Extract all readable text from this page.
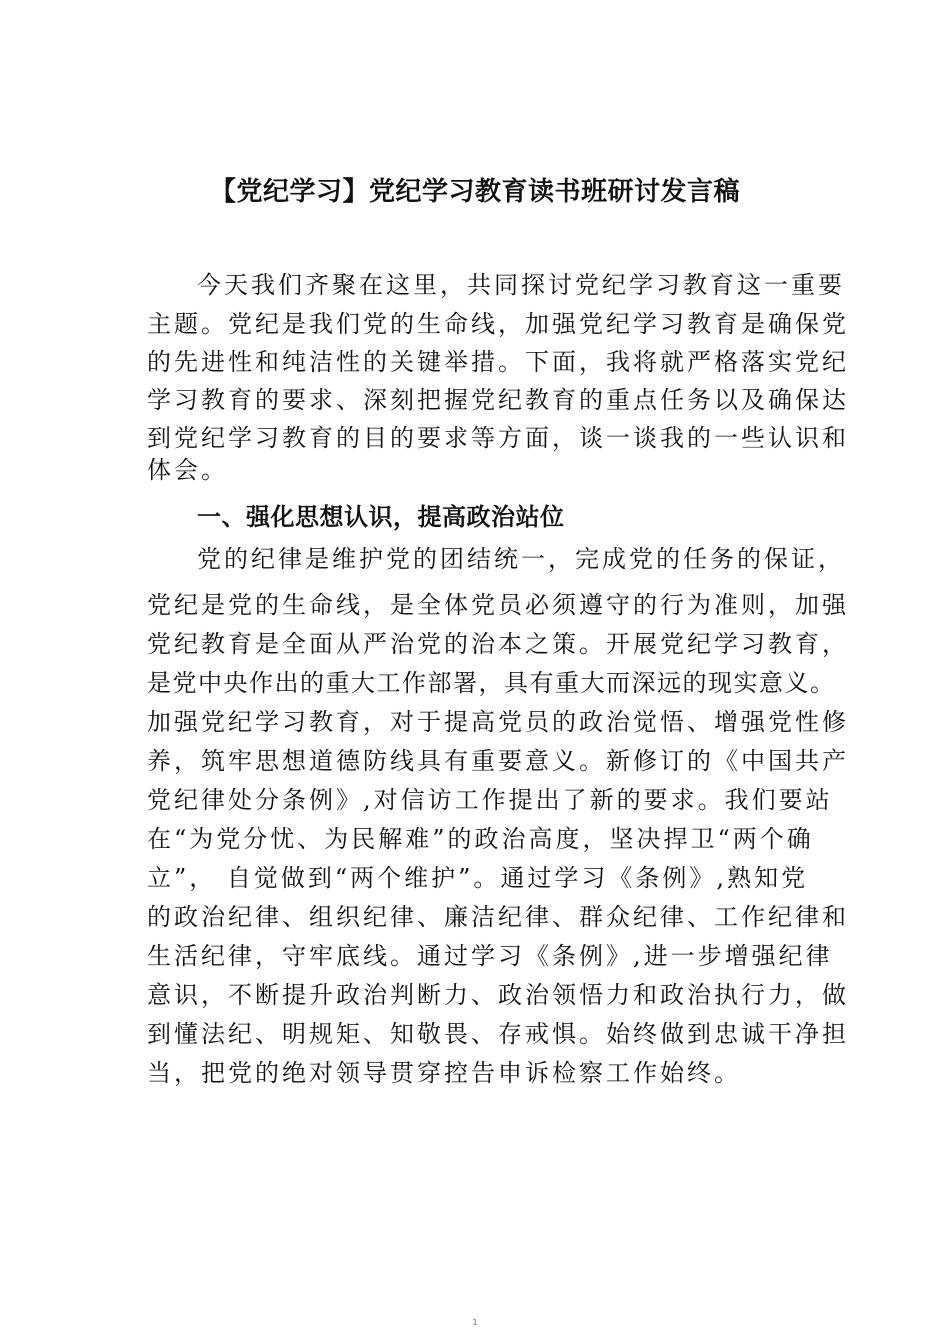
【党纪学习】党纪学习教育读书班研讨发言稿
今天我们齐聚在这里，共同探讨党纪学习教育这一重要
主题。党纪是我们党的生命线，加强党纪学习教育是确保党
的先进性和纯洁性的关键举措。下面，我将就严格落实党纪
学习教育的要求、深刻把握党纪教育的重点任务以及确保达
到党纪学习教育的目的要求等方面，谈一谈我的一些认识和
体会。
一、强化思想认识，提高政治站位
党的纪律是维护党的团结统一，完成党的任务的保证，
党纪是党的生命线，是全体党员必须遵守的行为准则，加强
党纪教育是全面从严治党的治本之策。开展党纪学习教育，
是党中央作出的重大工作部署，具有重大而深远的现实意义。
加强党纪学习教育，对于提高党员的政治觉悟、增强党性修
养，筑牢思想道德防线具有重要意义。新修订的《中国共产
党纪律处分条例》,对信访工作提出了新的要求。我们要站
在“为党分忧、为民解难”的政治高度，坚决捍卫“两个确
立”， 自觉做到“两个维护”。通过学习《条例》,熟知党
的政治纪律、组织纪律、廉洁纪律、群众纪律、工作纪律和
生活纪律，守牢底线。通过学习《条例》,进一步增强纪律
意识，不断提升政治判断力、政治领悟力和政治执行力，做
到懂法纪、明规矩、知敬畏、存戒惧。始终做到忠诚干净担
当，把党的绝对领导贯穿控告申诉检察工作始终。
1
